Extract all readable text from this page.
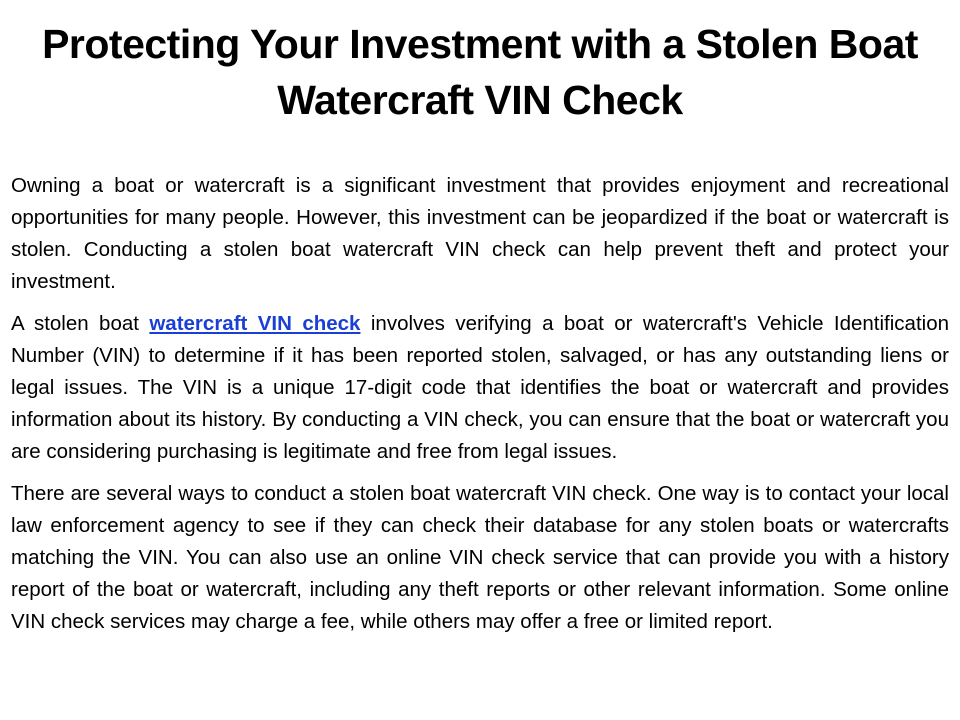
Protecting Your Investment with a Stolen Boat Watercraft VIN Check

Owning a boat or watercraft is a significant investment that provides enjoyment and recreational opportunities for many people. However, this investment can be jeopardized if the boat or watercraft is stolen. Conducting a stolen boat watercraft VIN check can help prevent theft and protect your investment.

A stolen boat watercraft VIN check involves verifying a boat or watercraft's Vehicle Identification Number (VIN) to determine if it has been reported stolen, salvaged, or has any outstanding liens or legal issues. The VIN is a unique 17-digit code that identifies the boat or watercraft and provides information about its history. By conducting a VIN check, you can ensure that the boat or watercraft you are considering purchasing is legitimate and free from legal issues.

There are several ways to conduct a stolen boat watercraft VIN check. One way is to contact your local law enforcement agency to see if they can check their database for any stolen boats or watercrafts matching the VIN. You can also use an online VIN check service that can provide you with a history report of the boat or watercraft, including any theft reports or other relevant information. Some online VIN check services may charge a fee, while others may offer a free or limited report.
